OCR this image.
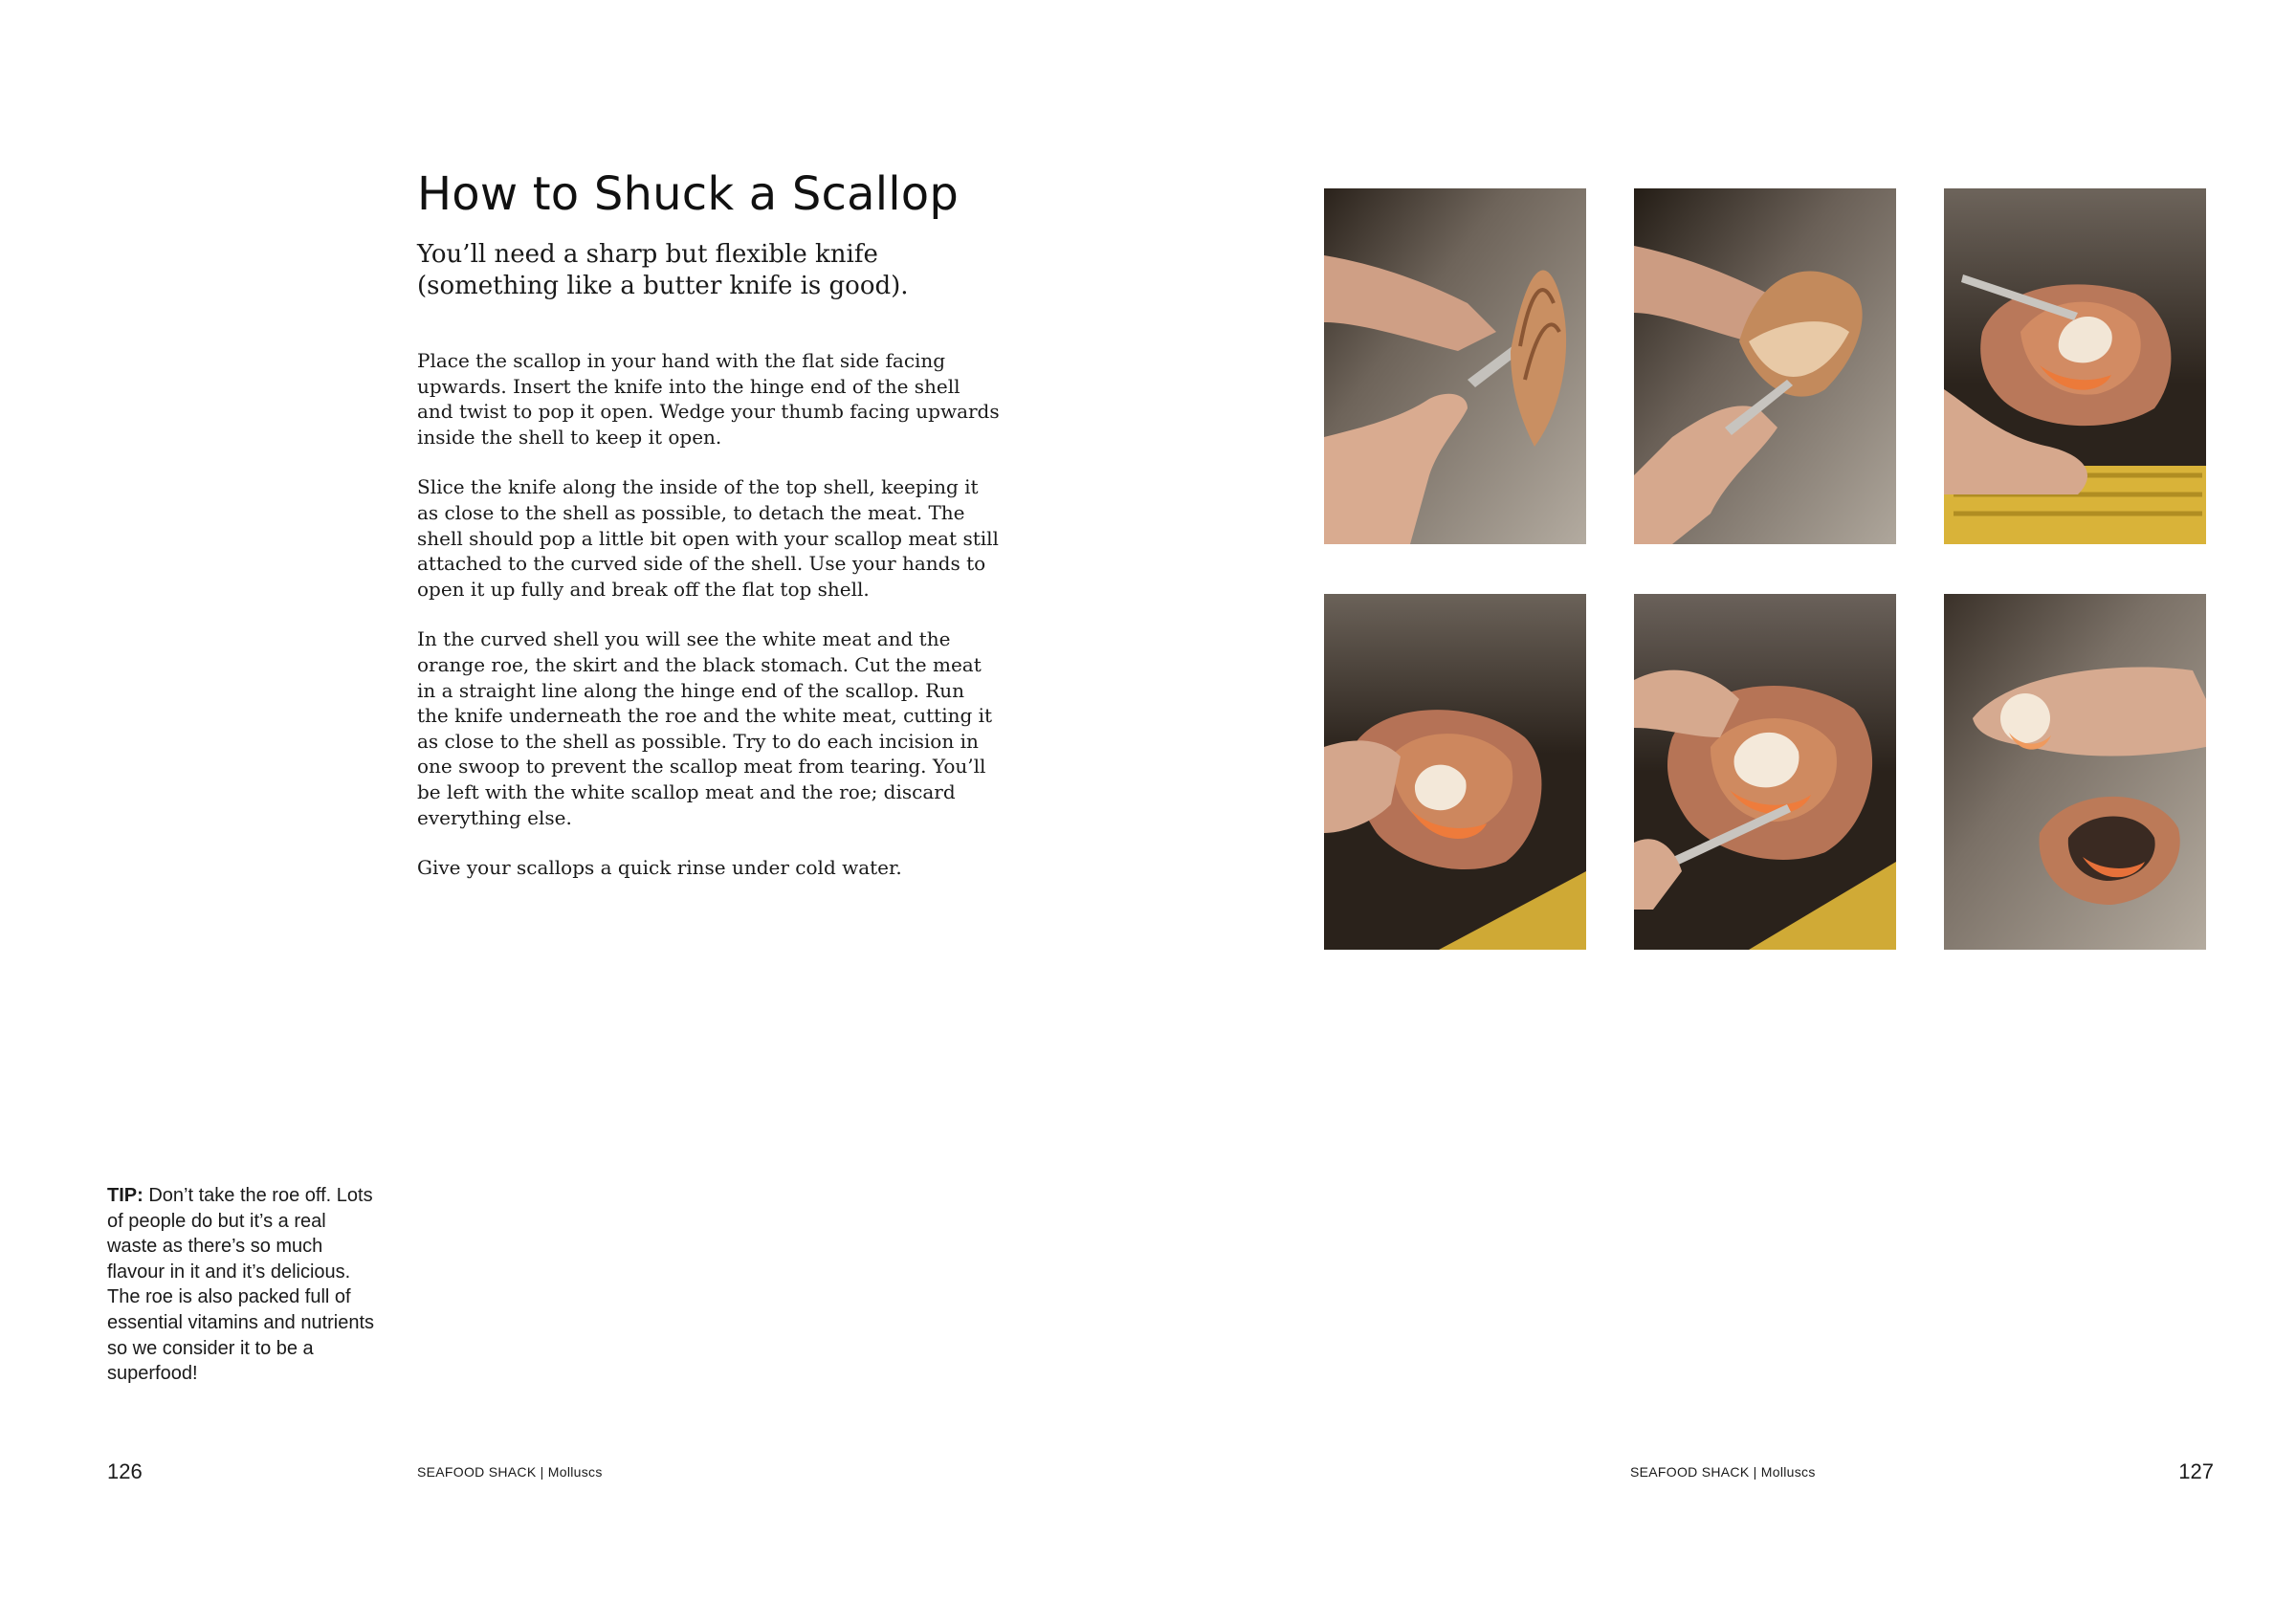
How to Shuck a Scallop
You’ll need a sharp but flexible knife
(something like a butter knife is good).

Place the scallop in your hand with the flat side facing upwards. Insert the knife into the hinge end of the shell and twist to pop it open. Wedge your thumb facing upwards inside the shell to keep it open.

Slice the knife along the inside of the top shell, keeping it as close to the shell as possible, to detach the meat. The shell should pop a little bit open with your scallop meat still attached to the curved side of the shell. Use your hands to open it up fully and break off the flat top shell.

In the curved shell you will see the white meat and the orange roe, the skirt and the black stomach. Cut the meat in a straight line along the hinge end of the scallop. Run the knife underneath the roe and the white meat, cutting it as close to the shell as possible. Try to do each incision in one swoop to prevent the scallop meat from tearing. You’ll be left with the white scallop meat and the roe; discard everything else.

Give your scallops a quick rinse under cold water.

TIP: Don’t take the roe off. Lots of people do but it’s a real waste as there’s so much flavour in it and it’s delicious. The roe is also packed full of essential vitamins and nutrients so we consider it to be a superfood!
126	SEAFOOD SHACK | Molluscs	SEAFOOD SHACK | Molluscs	127
